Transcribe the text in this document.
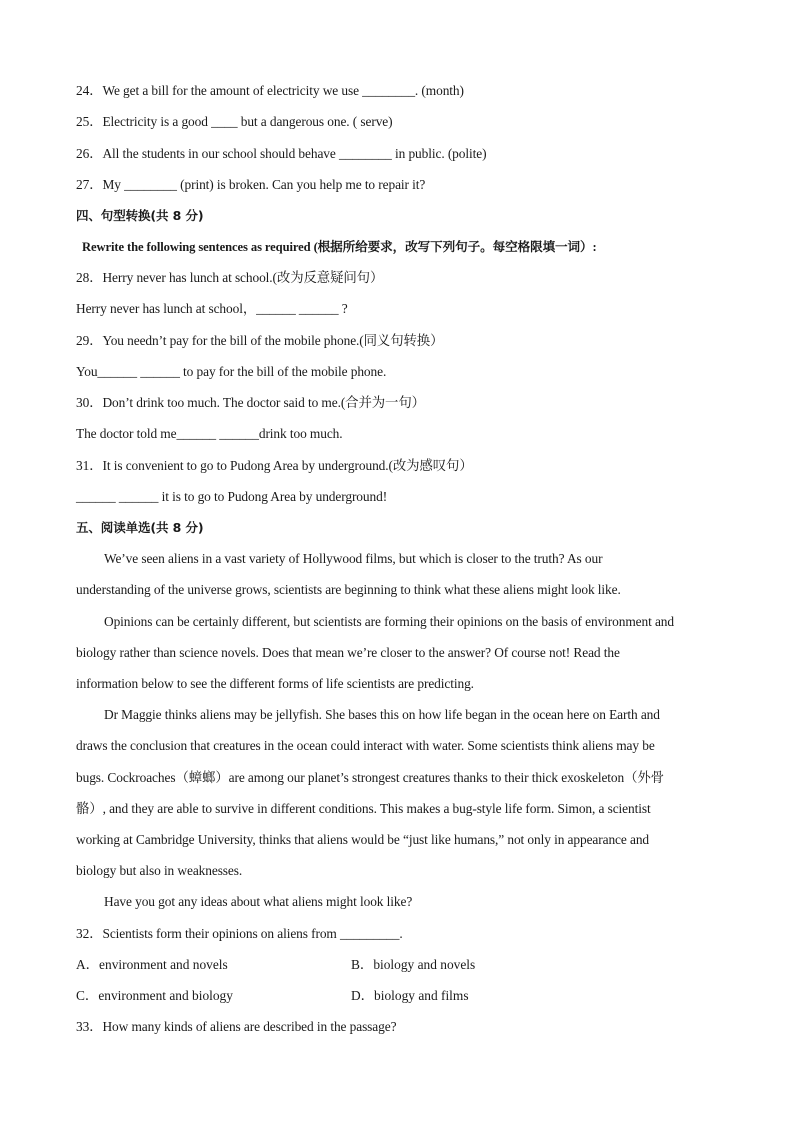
24．We get a bill for the amount of electricity we use ________. (month)
25．Electricity is a good ____ but a dangerous one. ( serve)
26．All the students in our school should behave ________ in public. (polite)
27．My ________ (print) is broken. Can you help me to repair it?
四、句型转换(共 8 分)
Rewrite the following sentences as required (根据所给要求，改写下列句子。每空格限填一词）:
28．Herry never has lunch at school.(改为反意疑问句）
Herry never has lunch at school，______ ______ ?
29．You needn’t pay for the bill of the mobile phone.(同义句转换）
You______ ______ to pay for the bill of the mobile phone.
30．Don’t drink too much. The doctor said to me.(合并为一句）
The doctor told me______ ______drink too much.
31．It is convenient to go to Pudong Area by underground.(改为感叹句）
______ ______ it is to go to Pudong Area by underground!
五、阅读单选(共 8 分)
We’ve seen aliens in a vast variety of Hollywood films, but which is closer to the truth? As our
understanding of the universe grows, scientists are beginning to think what these aliens might look like.
Opinions can be certainly different, but scientists are forming their opinions on the basis of environment and
biology rather than science novels. Does that mean we’re closer to the answer? Of course not! Read the
information below to see the different forms of life scientists are predicting.
Dr Maggie thinks aliens may be jellyfish. She bases this on how life began in the ocean here on Earth and
draws the conclusion that creatures in the ocean could interact with water. Some scientists think aliens may be
bugs. Cockroaches（蟑螂）are among our planet’s strongest creatures thanks to their thick exoskeleton（外骨
骼）, and they are able to survive in different conditions. This makes a bug-style life form. Simon, a scientist
working at Cambridge University, thinks that aliens would be “just like humans,” not only in appearance and
biology but also in weaknesses.
Have you got any ideas about what aliens might look like?
32．Scientists form their opinions on aliens from _________.
A．environment and novels	B．biology and novels
C．environment and biology	D．biology and films
33．How many kinds of aliens are described in the passage?
